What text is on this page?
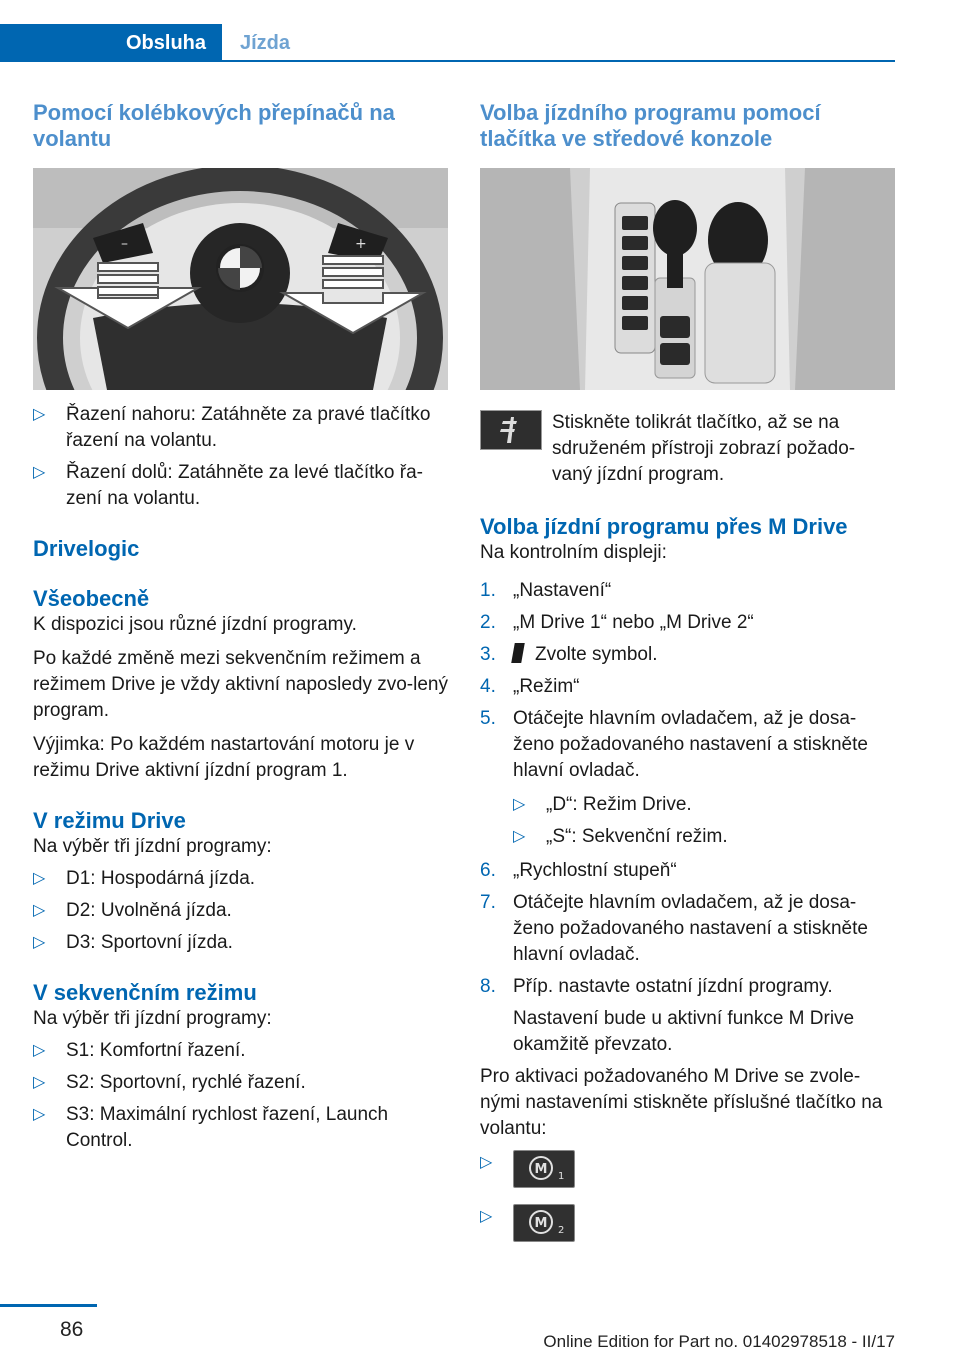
Obsluha	Jízda
Pomocí kolébkových přepínačů na volantu
–	+
▷ Řazení nahoru: Zatáhněte za pravé tlačítko řazení na volantu.
▷ Řazení dolů: Zatáhněte za levé tlačítko řa‐zení na volantu.
Drivelogic
Všeobecně

K dispozici jsou různé jízdní programy.

Po každé změně mezi sekvenčním režimem a režimem Drive je vždy aktivní naposledy zvo‐lený program.

Výjimka: Po každém nastartování motoru je v režimu Drive aktivní jízdní program 1.

V režimu Drive

Na výběr tři jízdní programy:

▷ D1: Hospodárná jízda.
▷ D2: Uvolněná jízda.
▷ D3: Sportovní jízda.
V sekvenčním režimu

Na výběr tři jízdní programy:

▷ S1: Komfortní řazení.
▷ S2: Sportovní, rychlé řazení.
▷ S3: Maximální rychlost řazení, Launch Control.
Volba jízdního programu pomocí tlačítka ve středové konzole

Stiskněte tolikrát tlačítko, až se na sdruženém přístroji zobrazí požado‐vaný jízdní program.

Volba jízdní programu přes M Drive

Na kontrolním displeji:

1. „Nastavení“
2. „M Drive 1“ nebo „M Drive 2“
3. Zvolte symbol.
4. „Režim“
5. Otáčejte hlavním ovladačem, až je dosa‐ženo požadovaného nastavení a stiskněte hlavní ovladač.
▷ „D“: Režim Drive.
▷ „S“: Sekvenční režim.
6. „Rychlostní stupeň“
7. Otáčejte hlavním ovladačem, až je dosa‐ženo požadovaného nastavení a stiskněte hlavní ovladač.
8. Příp. nastavte ostatní jízdní programy.

Nastavení bude u aktivní funkce M Drive okamžitě převzato.

Pro aktivaci požadovaného M Drive se zvole‐nými nastaveními stiskněte příslušné tlačítko na volantu:

▷	M 1
▷	M 2
86
Online Edition for Part no. 01402978518 - II/17
